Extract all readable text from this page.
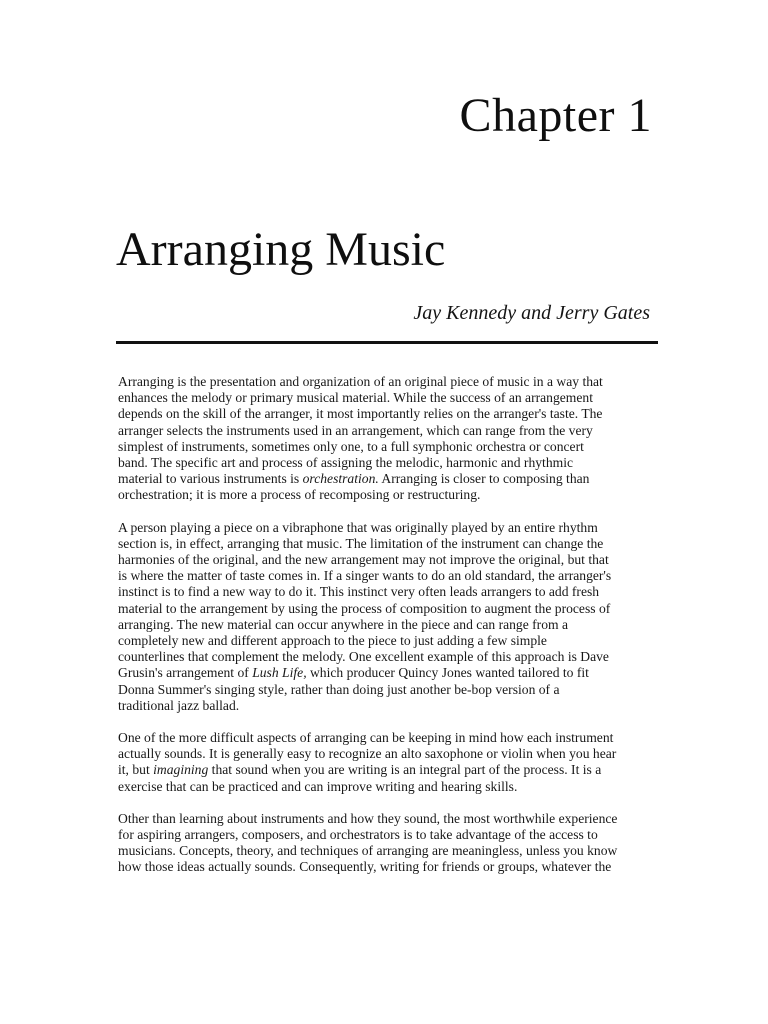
Chapter 1
Arranging Music
Jay Kennedy and Jerry Gates

Arranging is the presentation and organization of an original piece of music in a way that
enhances the melody or primary musical material. While the success of an arrangement
depends on the skill of the arranger, it most importantly relies on the arranger's taste. The
arranger selects the instruments used in an arrangement, which can range from the very
simplest of instruments, sometimes only one, to a full symphonic orchestra or concert
band. The specific art and process of assigning the melodic, harmonic and rhythmic
material to various instruments is orchestration. Arranging is closer to composing than
orchestration; it is more a process of recomposing or restructuring.

A person playing a piece on a vibraphone that was originally played by an entire rhythm
section is, in effect, arranging that music. The limitation of the instrument can change the
harmonies of the original, and the new arrangement may not improve the original, but that
is where the matter of taste comes in. If a singer wants to do an old standard, the arranger's
instinct is to find a new way to do it. This instinct very often leads arrangers to add fresh
material to the arrangement by using the process of composition to augment the process of
arranging. The new material can occur anywhere in the piece and can range from a
completely new and different approach to the piece to just adding a few simple
counterlines that complement the melody. One excellent example of this approach is Dave
Grusin's arrangement of Lush Life, which producer Quincy Jones wanted tailored to fit
Donna Summer's singing style, rather than doing just another be-bop version of a
traditional jazz ballad.

One of the more difficult aspects of arranging can be keeping in mind how each instrument
actually sounds. It is generally easy to recognize an alto saxophone or violin when you hear
it, but imagining that sound when you are writing is an integral part of the process. It is a
exercise that can be practiced and can improve writing and hearing skills.

Other than learning about instruments and how they sound, the most worthwhile experience
for aspiring arrangers, composers, and orchestrators is to take advantage of the access to
musicians. Concepts, theory, and techniques of arranging are meaningless, unless you know
how those ideas actually sounds. Consequently, writing for friends or groups, whatever the
